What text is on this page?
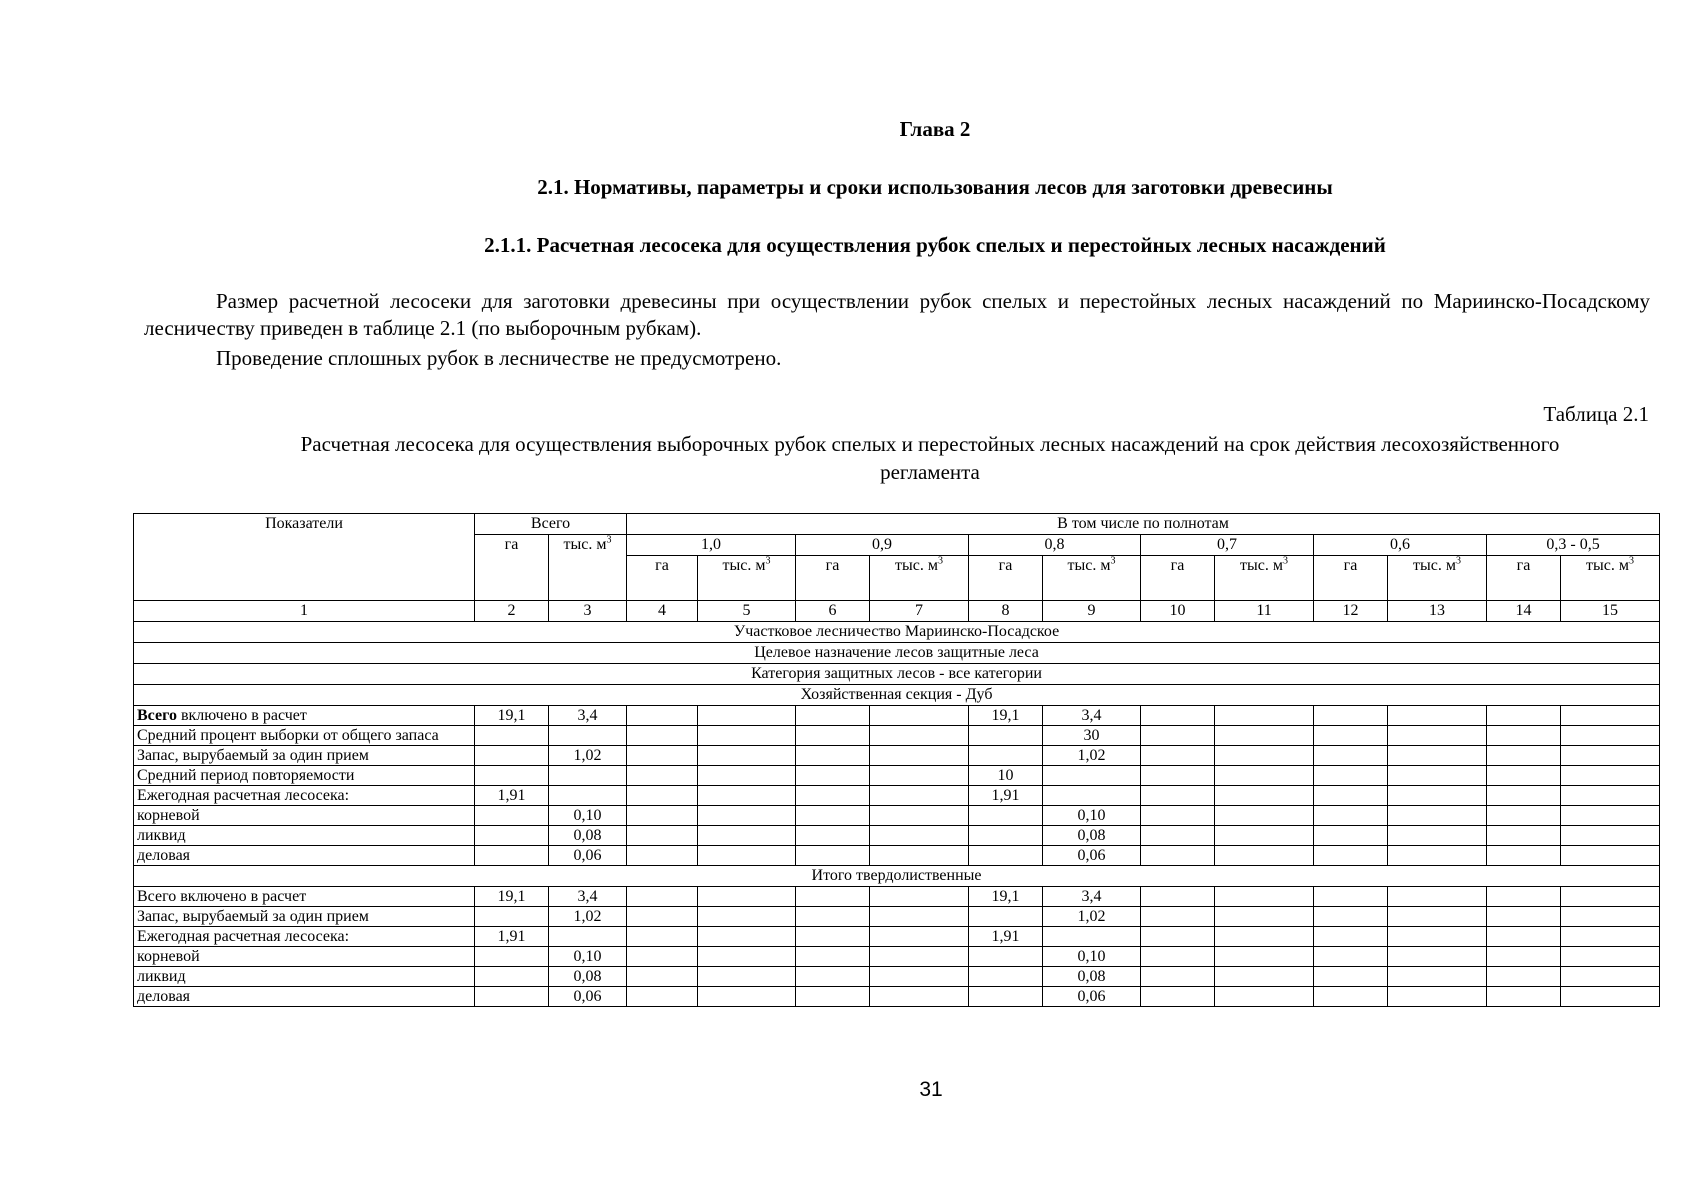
Глава 2
2.1. Нормативы, параметры и сроки использования лесов для заготовки древесины
2.1.1. Расчетная лесосека для осуществления рубок спелых и перестойных лесных насаждений
Размер расчетной лесосеки для заготовки древесины при осуществлении рубок спелых и перестойных лесных насаждений по Мариинско-Посадскому лесничеству приведен в таблице 2.1 (по выборочным рубкам).
Проведение сплошных рубок в лесничестве не предусмотрено.
Таблица 2.1
Расчетная лесосека для осуществления выборочных рубок спелых и перестойных лесных насаждений на срок действия лесохозяйственного регламента
Показатели	Всего		В том числе по полнотам											
	га	тыс. $м^3$	1,0		0,9		0,8		0,7		0,6		0,3 - 0,5	
			га	тыс. $м^3$	га	тыс. $м^3$	га	тыс. $м^3$	га	тыс. $м^3$	га	тыс. $м^3$	га	тыс. $м^3$
1	2	3	4	5	6	7	8	9	10	11	12	13	14	15
Участковое лесничество Мариинско-Посадское														
Целевое назначение лесов защитные леса														
Категория защитных лесов - все категории														
Хозяйственная секция - Дуб														
Всего включено в расчет	19,1	3,4					19,1	3,4						
Средний процент выборки от общего запаса								30						
Запас, вырубаемый за один прием		1,02						1,02						
Средний период повторяемости							10							
Ежегодная расчетная лесосека:	1,91						1,91							
корневой		0,10						0,10						
ликвид		0,08						0,08						
деловая		0,06						0,06						
Итого твердолиственные														
Всего включено в расчет	19,1	3,4					19,1	3,4						
Запас, вырубаемый за один прием		1,02						1,02						
Ежегодная расчетная лесосека:	1,91						1,91							
корневой		0,10						0,10						
ликвид		0,08						0,08						
деловая		0,06						0,06						
31
